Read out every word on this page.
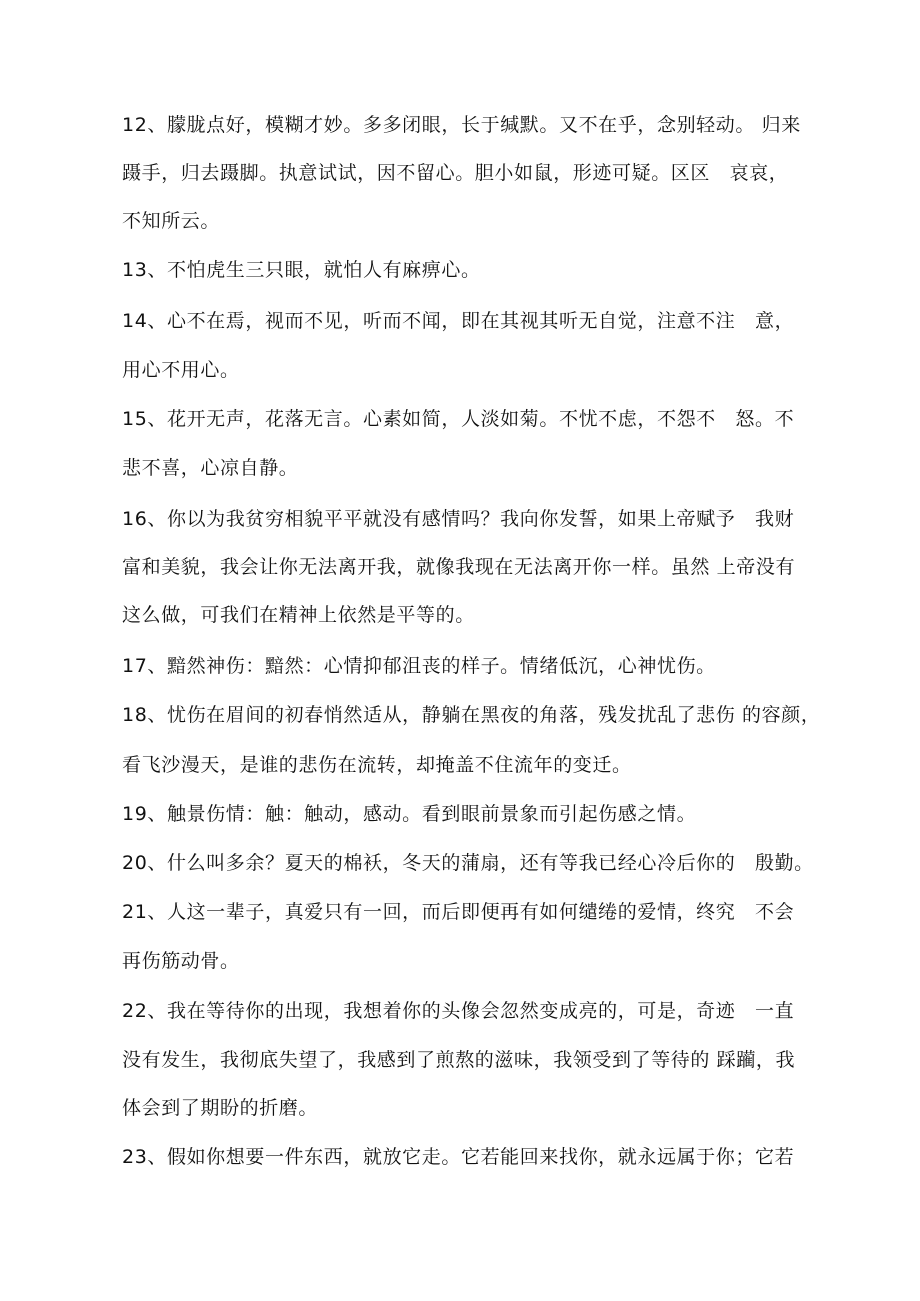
12、朦胧点好，模糊才妙。多多闭眼，长于缄默。又不在乎，念别轻动。 归来
蹑手，归去蹑脚。执意试试，因不留心。胆小如鼠，形迹可疑。区区　哀哀，
不知所云。
13、不怕虎生三只眼，就怕人有麻痹心。
14、心不在焉，视而不见，听而不闻，即在其视其听无自觉，注意不注　意，
用心不用心。
15、花开无声，花落无言。心素如简，人淡如菊。不忧不虑，不怨不　怒。不
悲不喜，心凉自静。
16、你以为我贫穷相貌平平就没有感情吗？我向你发誓，如果上帝赋予　我财
富和美貌，我会让你无法离开我，就像我现在无法离开你一样。虽然 上帝没有
这么做，可我们在精神上依然是平等的。
17、黯然神伤：黯然：心情抑郁沮丧的样子。情绪低沉，心神忧伤。
18、忧伤在眉间的初春悄然适从，静躺在黑夜的角落，残发扰乱了悲伤 的容颜，
看飞沙漫天，是谁的悲伤在流转，却掩盖不住流年的变迁。
19、触景伤情：触：触动，感动。看到眼前景象而引起伤感之情。
20、什么叫多余？夏天的棉袄，冬天的蒲扇，还有等我已经心冷后你的　殷勤。
21、人这一辈子，真爱只有一回，而后即便再有如何缱绻的爱情，终究　不会
再伤筋动骨。
22、我在等待你的出现，我想着你的头像会忽然变成亮的，可是，奇迹　一直
没有发生，我彻底失望了，我感到了煎熬的滋味，我领受到了等待的 踩躏，我
体会到了期盼的折磨。
23、假如你想要一件东西，就放它走。它若能回来找你，就永远属于你；它若
